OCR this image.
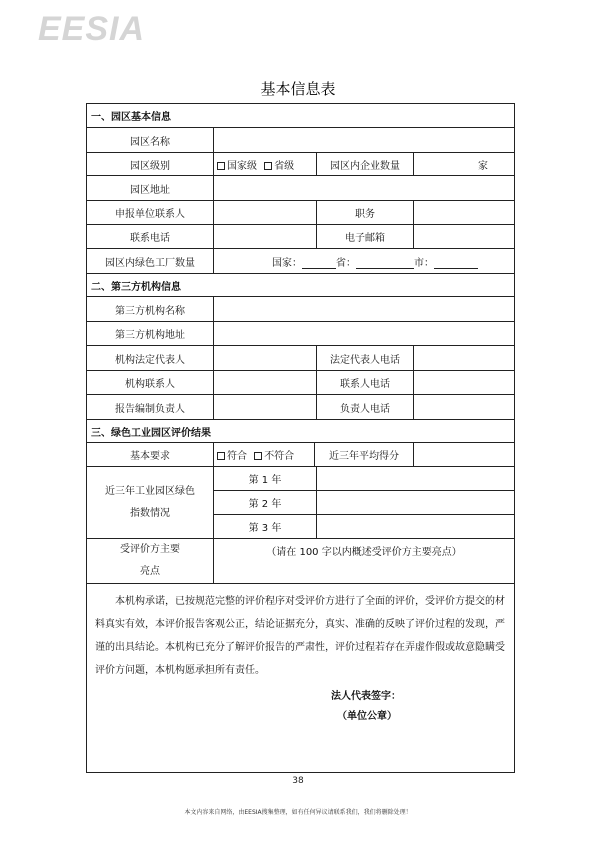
EESIA
基本信息表
一、园区基本信息				
园区名称				
园区级别	国家级 省级		园区内企业数量	家
园区地址				
申报单位联系人			职务	
联系电话			电子邮箱	
园区内绿色工厂数量	国家： 省： 市：			
二、第三方机构信息				
第三方机构名称				
第三方机构地址				
机构法定代表人			法定代表人电话	
机构联系人			联系人电话	
报告编制负责人			负责人电话	
三、绿色工业园区评价结果				
基本要求	符合 不符合	近三年平均得分		
近三年工业园区绿色指数情况	第 1 年			
	第 2 年			
	第 3 年			
受评价方主要亮点	（请在 100 字以内概述受评价方主要亮点）			

本机构承诺，已按规范完整的评价程序对受评价方进行了全面的评价，受评价方提交的材料真实有效，本评价报告客观公正，结论证据充分，真实、准确的反映了评价过程的发现，严谨的出具结论。本机构已充分了解评价报告的严肃性，评价过程若存在弄虚作假或故意隐瞒受评价方问题，本机构愿承担所有责任。
法人代表签字：
（单位公章）				
38
本文内容来自网络，由EESIA搜集整理，如有任何异议请联系我们，我们将删除处理！
